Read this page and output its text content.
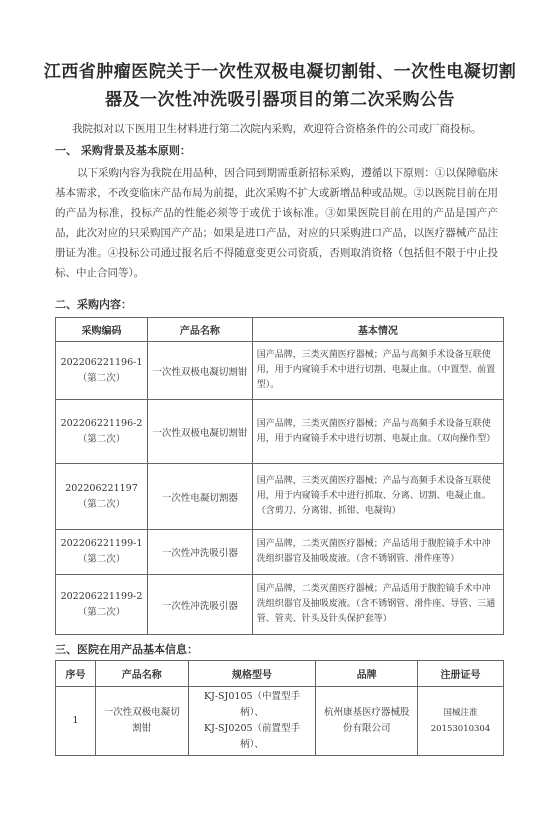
江西省肿瘤医院关于一次性双极电凝切割钳、一次性电凝切割器及一次性冲洗吸引器项目的第二次采购公告
我院拟对以下医用卫生材料进行第二次院内采购，欢迎符合资格条件的公司或厂商投标。
一、 采购背景及基本原则：
以下采购内容为我院在用品种，因合同到期需重新招标采购，遵循以下原则：①以保障临床基本需求，不改变临床产品布局为前提，此次采购不扩大或新增品种或品规。②以医院目前在用的产品为标准，投标产品的性能必须等于或优于该标准。③如果医院目前在用的产品是国产产品，此次对应的只采购国产产品；如果是进口产品，对应的只采购进口产品，以医疗器械产品注册证为准。④投标公司通过报名后不得随意变更公司资质，否则取消资格（包括但不限于中止投标、中止合同等）。
二、采购内容：
采购编码	产品名称	基本情况

202206221196-1
（第二次）	一次性双极电凝切割钳	国产品牌，三类灭菌医疗器械；产品与高频手术设备互联使用，用于内窥镜手术中进行切割、电凝止血。（中置型、前置型）。

202206221196-2
（第二次）	一次性双极电凝切割钳	国产品牌，三类灭菌医疗器械；产品与高频手术设备互联使用，用于内窥镜手术中进行切割、电凝止血。（双向操作型）

202206221197
（第二次）	一次性电凝切割器	国产品牌，三类灭菌医疗器械；产品与高频手术设备互联使用，用于内窥镜手术中进行抓取、分离、切割、电凝止血。（含剪刀、分离钳、抓钳、电凝钩）

202206221199-1
（第二次）	一次性冲洗吸引器	国产品牌，二类灭菌医疗器械；产品适用于腹腔镜手术中冲洗组织器官及抽吸废液。（含不锈钢管、滑件座等）

202206221199-2
（第二次）	一次性冲洗吸引器	国产品牌，二类灭菌医疗器械；产品适用于腹腔镜手术中冲洗组织器官及抽吸废液。（含不锈钢管、滑件座、导管、三通管、管夹、针头及针头保护套等）
三、医院在用产品基本信息：
序号	产品名称	规格型号	品牌	注册证号
1	一次性双极电凝切割钳	KJ-SJ0105（中置型手柄）、
KJ-SJ0205（前置型手柄）、	杭州康基医疗器械股份有限公司	国械注准 20153010304
